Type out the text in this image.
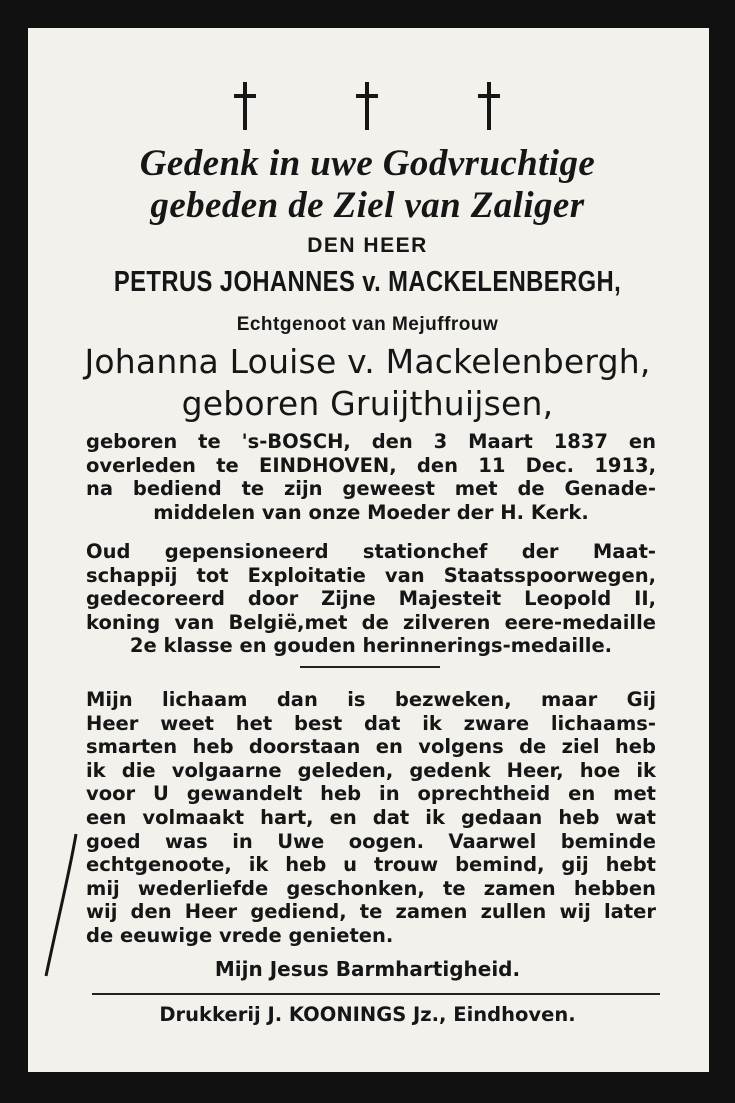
Gedenk in uwe Godvruchtige
gebeden de Ziel van Zaliger
DEN HEER
PETRUS JOHANNES v. MACKELENBERGH,
Echtgenoot van Mejuffrouw
Johanna Louise v. Mackelenbergh,
geboren Gruijthuijsen,
geboren te 's-BOSCH, den 3 Maart 1837 en
overleden te EINDHOVEN, den 11 Dec. 1913,
na bediend te zijn geweest met de Genade-
middelen van onze Moeder der H. Kerk.
Oud gepensioneerd stationchef der Maat-
schappij tot Exploitatie van Staatsspoorwegen,
gedecoreerd door Zijne Majesteit Leopold II,
koning van België,met de zilveren eere-medaille
2e klasse en gouden herinnerings-medaille.
Mijn lichaam dan is bezweken, maar Gij
Heer weet het best dat ik zware lichaams-
smarten heb doorstaan en volgens de ziel heb
ik die volgaarne geleden, gedenk Heer, hoe ik
voor U gewandelt heb in oprechtheid en met
een volmaakt hart, en dat ik gedaan heb wat
goed was in Uwe oogen. Vaarwel beminde
echtgenoote, ik heb u trouw bemind, gij hebt
mij wederliefde geschonken, te zamen hebben
wij den Heer gediend, te zamen zullen wij later
de eeuwige vrede genieten.
Mijn Jesus Barmhartigheid.
Drukkerij J. KOONINGS Jz., Eindhoven.
